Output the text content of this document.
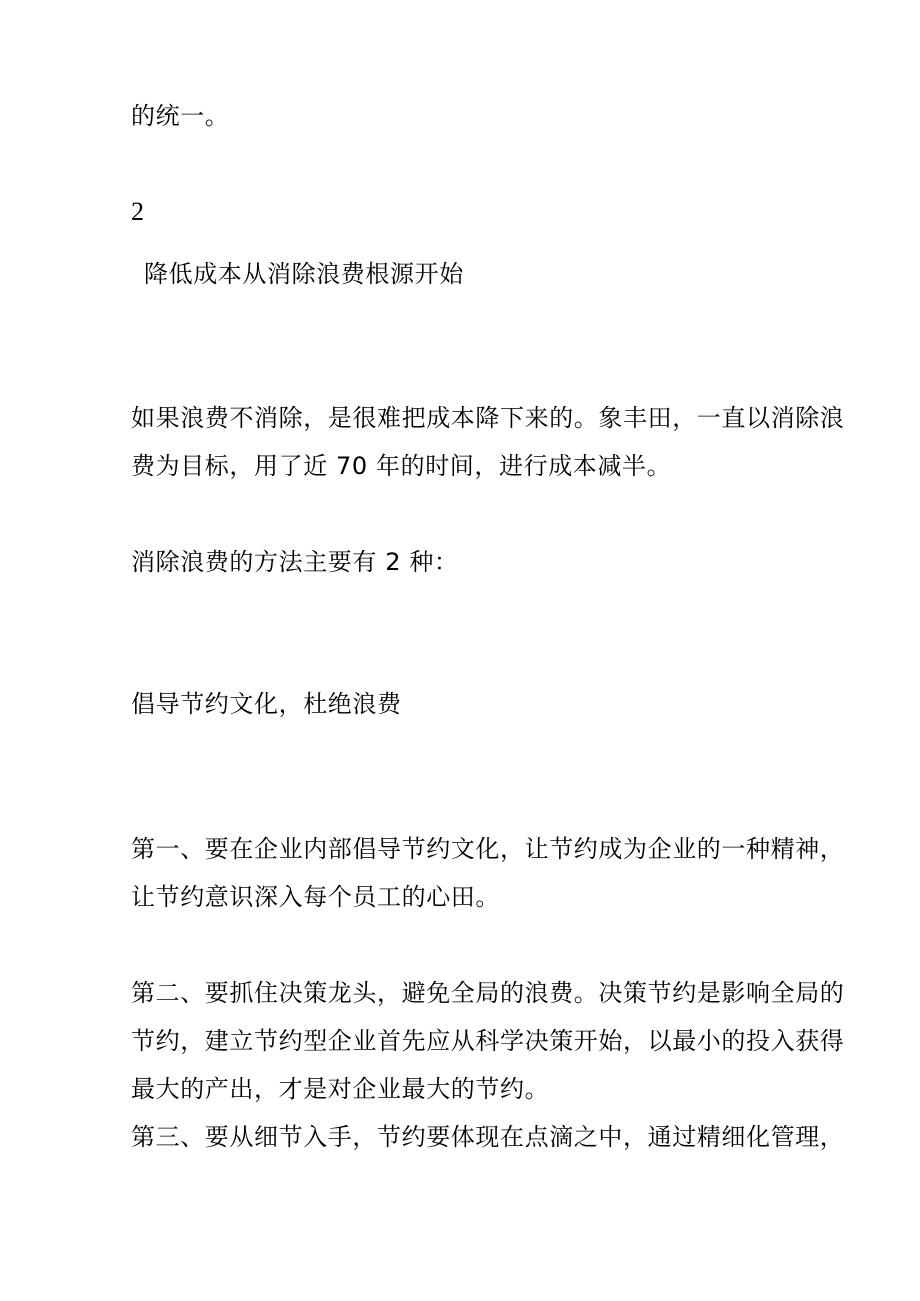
的统一。
2
降低成本从消除浪费根源开始
如果浪费不消除，是很难把成本降下来的。象丰田，一直以消除浪
费为目标，用了近 70 年的时间，进行成本减半。
消除浪费的方法主要有 2 种：
倡导节约文化，杜绝浪费
第一、要在企业内部倡导节约文化，让节约成为企业的一种精神，
让节约意识深入每个员工的心田。
第二、要抓住决策龙头，避免全局的浪费。决策节约是影响全局的
节约，建立节约型企业首先应从科学决策开始，以最小的投入获得
最大的产出，才是对企业最大的节约。
第三、要从细节入手，节约要体现在点滴之中，通过精细化管理，
